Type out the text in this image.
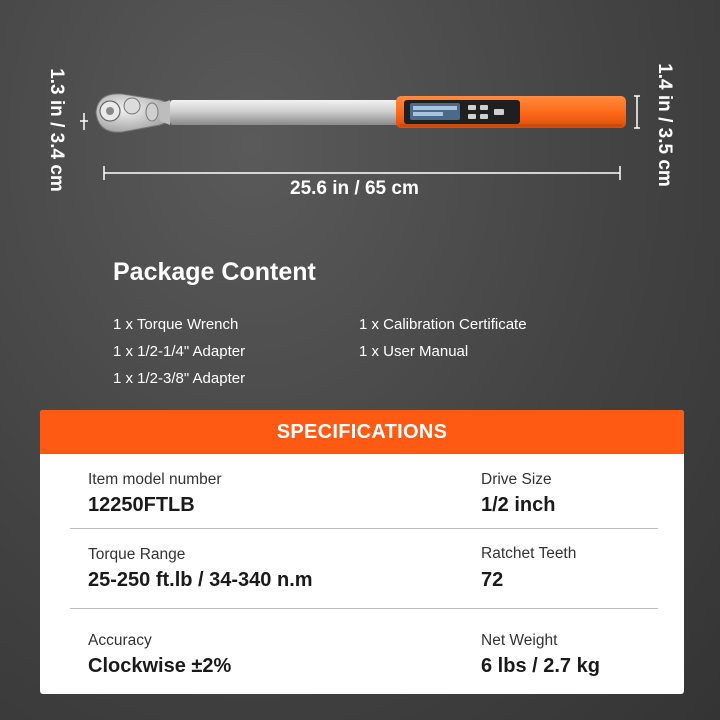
1.3 in / 3.4 cm	1.4 in / 3.5 cm
25.6 in / 65 cm
Package Content
1 x Torque Wrench
1 x 1/2-1/4" Adapter
1 x 1/2-3/8" Adapter
1 x Calibration Certificate
1 x User Manual
SPECIFICATIONS
Item model number
12250FTLB
Drive Size
1/2 inch
Torque Range
25-250 ft.lb / 34-340 n.m
Ratchet Teeth
72
Accuracy
Clockwise ±2%
Net Weight
6 lbs / 2.7 kg
